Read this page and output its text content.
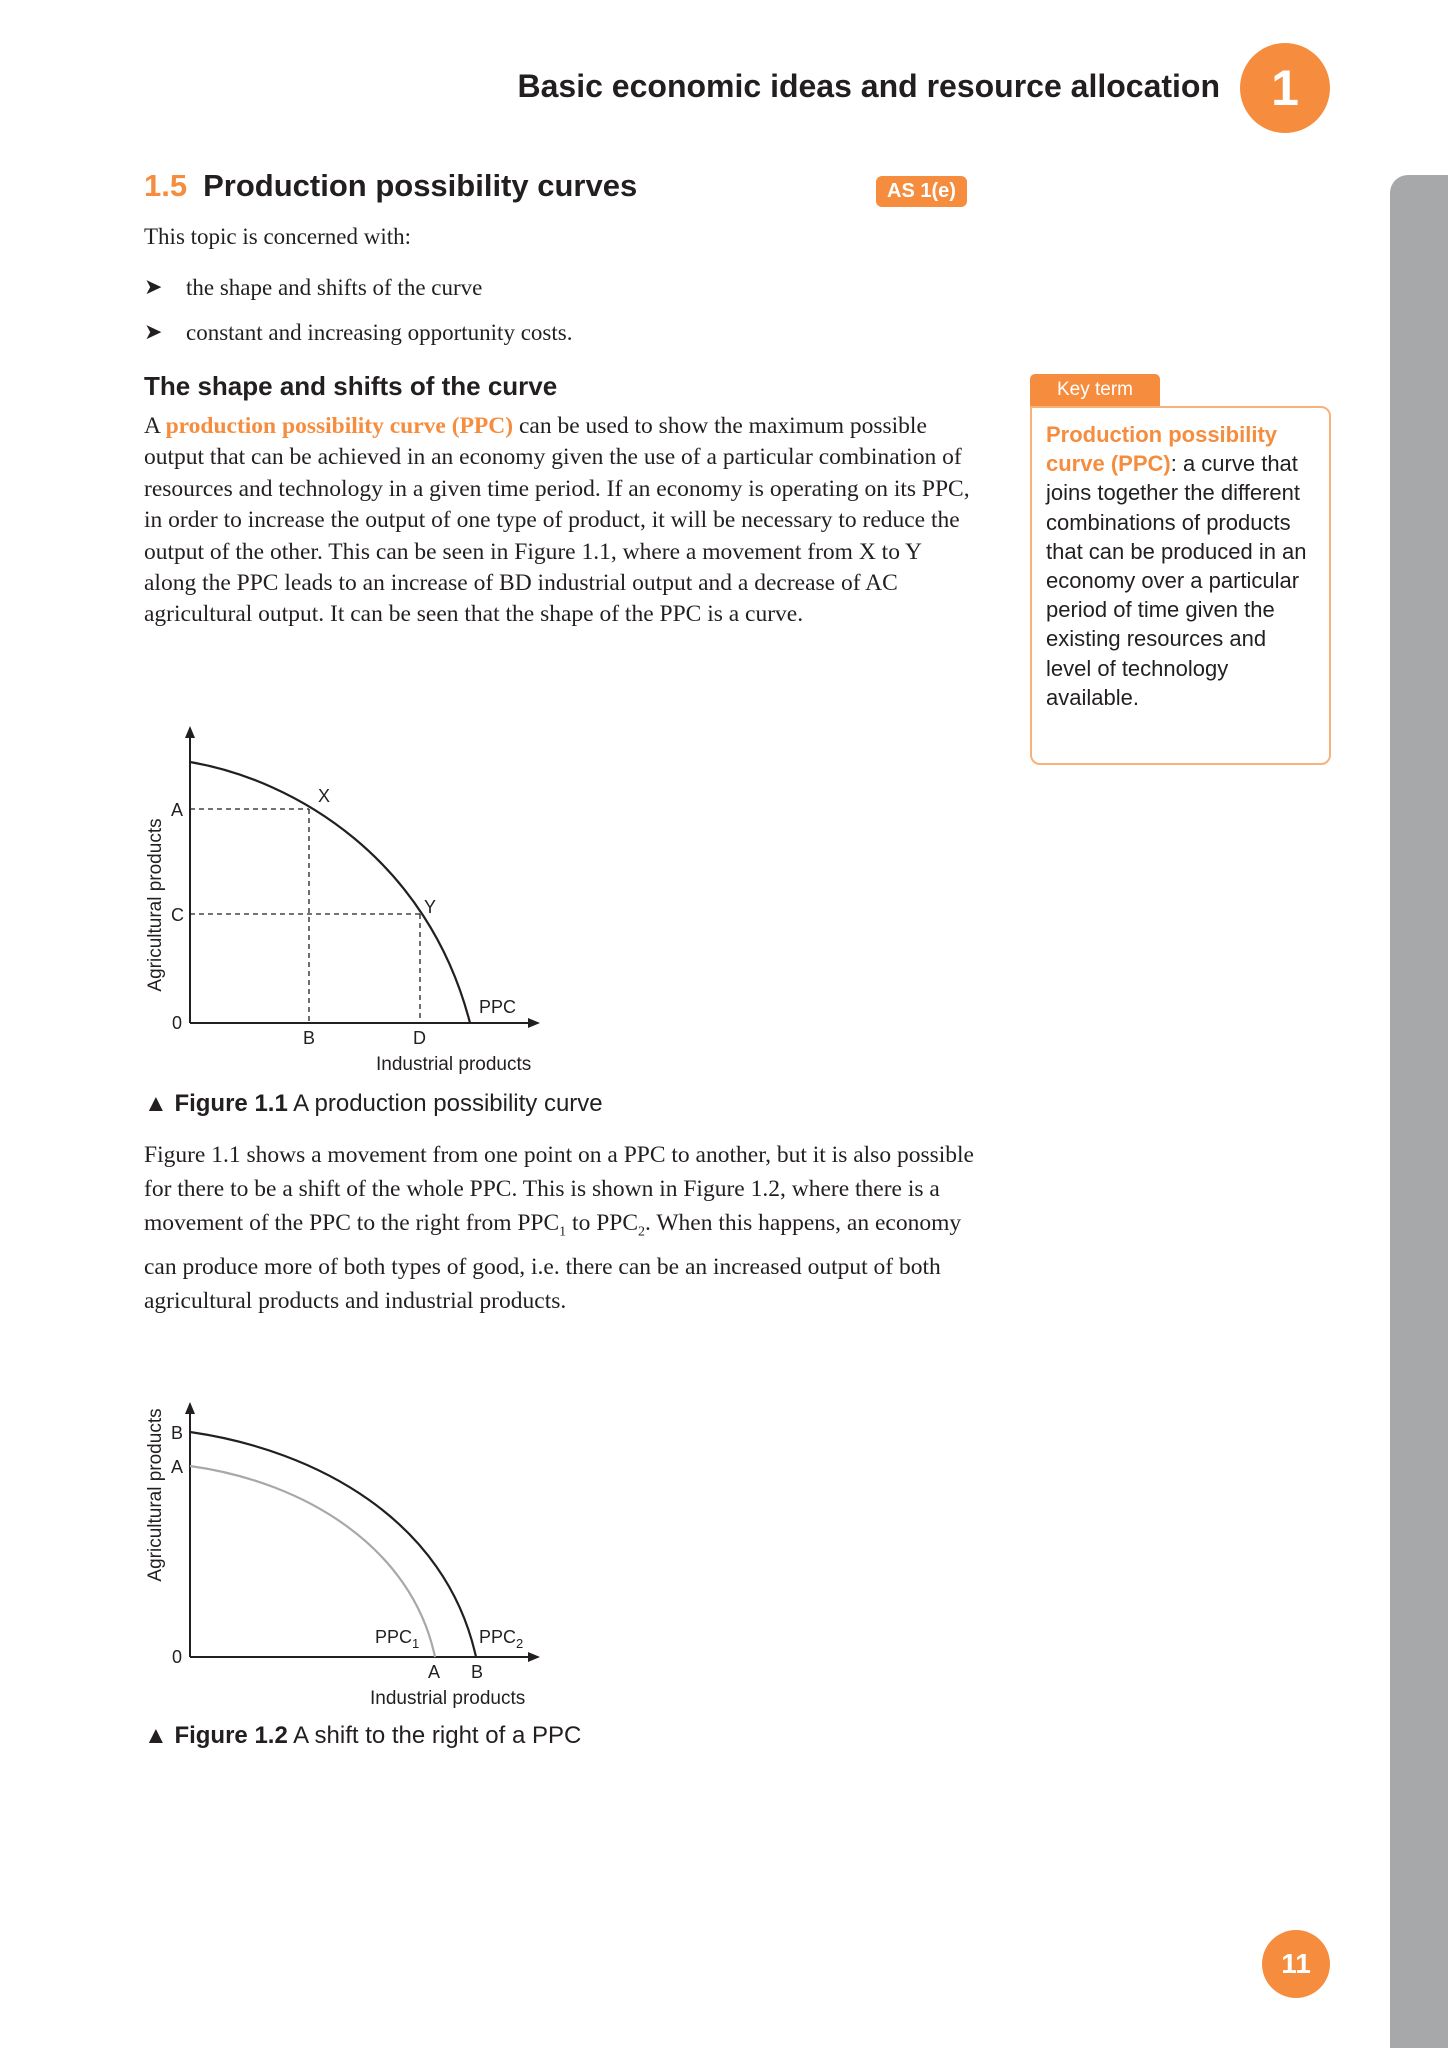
Basic economic ideas and resource allocation	1
1.5 Production possibility curves	AS 1(e)
This topic is concerned with:
➤	the shape and shifts of the curve
➤	constant and increasing opportunity costs.
The shape and shifts of the curve

A production possibility curve (PPC) can be used to show the maximum possible output that can be achieved in an economy given the use of a particular combination of resources and technology in a given time period. If an economy is operating on its PPC, in order to increase the output of one type of product, it will be necessary to reduce the output of the other. This can be seen in Figure 1.1, where a movement from X to Y along the PPC leads to an increase of BD industrial output and a decrease of AC agricultural output. It can be seen that the shape of the PPC is a curve.

Key term
Production possibility curve (PPC): a curve that joins together the different combinations of products that can be produced in an economy over a particular period of time given the existing resources and level of technology available.
A
C
0
B	D
X
Y
PPC
Industrial products
Agricultural products
▲ Figure 1.1 A production possibility curve

Figure 1.1 shows a movement from one point on a PPC to another, but it is also possible for there to be a shift of the whole PPC. This is shown in Figure 1.2, where there is a movement of the PPC to the right from $PPC_1$ to $PPC_2$. When this happens, an economy can produce more of both types of good, i.e. there can be an increased output of both agricultural products and industrial products.

B
A
0
A B
$PPC_1$	$PPC_2$
Industrial products
Agricultural products
▲ Figure 1.2 A shift to the right of a PPC
11
